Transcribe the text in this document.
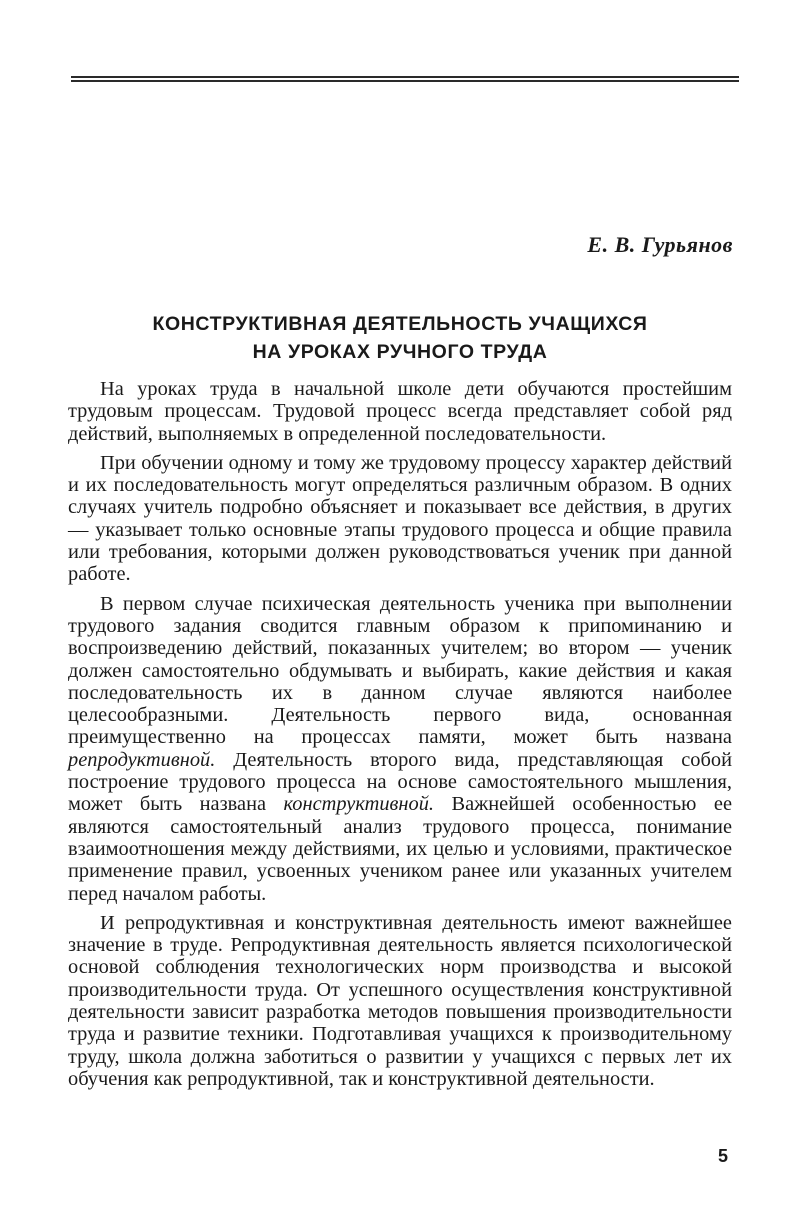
Е. В. Гурьянов
КОНСТРУКТИВНАЯ ДЕЯТЕЛЬНОСТЬ УЧАЩИХСЯ
НА УРОКАХ РУЧНОГО ТРУДА

На уроках труда в начальной школе дети обучаются простейшим трудовым процессам. Трудовой процесс всегда представляет собой ряд действий, выполняемых в определенной последовательности.

При обучении одному и тому же трудовому процессу характер действий и их последовательность могут определяться различным образом. В одних случаях учитель подробно объясняет и показывает все действия, в других — указывает только основные этапы трудового процесса и общие правила или требования, которыми должен руководствоваться ученик при данной работе.

В первом случае психическая деятельность ученика при выполнении трудового задания сводится главным образом к припоминанию и воспроизведению действий, показанных учителем; во втором — ученик должен самостоятельно обдумывать и выбирать, какие действия и какая последовательность их в данном случае являются наиболее целесообразными. Деятельность первого вида, основанная преимущественно на процессах памяти, может быть названа репродуктивной. Деятельность второго вида, представляющая собой построение трудового процесса на основе самостоятельного мышления, может быть названа конструктивной. Важнейшей особенностью ее являются самостоятельный анализ трудового процесса, понимание взаимоотношения между действиями, их целью и условиями, практическое применение правил, усвоенных учеником ранее или указанных учителем перед началом работы.

И репродуктивная и конструктивная деятельность имеют важнейшее значение в труде. Репродуктивная деятельность является психологической основой соблюдения технологических норм производства и высокой производительности труда. От успешного осуществления конструктивной деятельности зависит разработка методов повышения производительности труда и развитие техники. Подготавливая учащихся к производительному труду, школа должна заботиться о развитии у учащихся с первых лет их обучения как репродуктивной, так и конструктивной деятельности.

5
